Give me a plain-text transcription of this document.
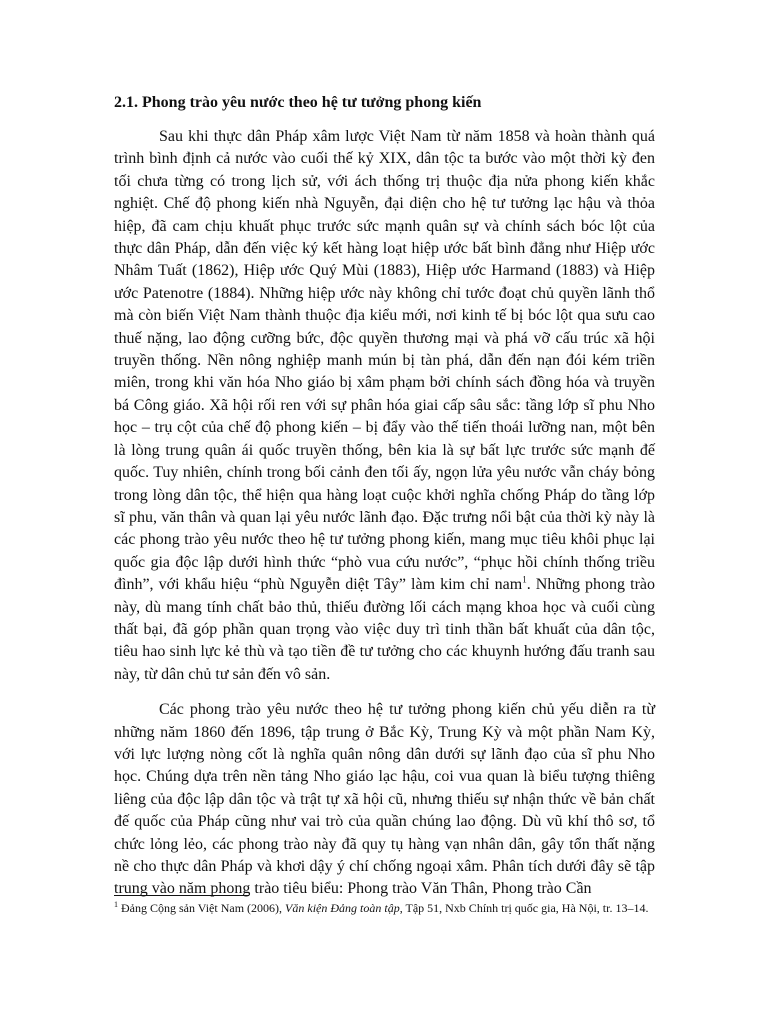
2.1. Phong trào yêu nước theo hệ tư tưởng phong kiến

Sau khi thực dân Pháp xâm lược Việt Nam từ năm 1858 và hoàn thành quá trình bình định cả nước vào cuối thế kỷ XIX, dân tộc ta bước vào một thời kỳ đen tối chưa từng có trong lịch sử, với ách thống trị thuộc địa nửa phong kiến khắc nghiệt. Chế độ phong kiến nhà Nguyễn, đại diện cho hệ tư tưởng lạc hậu và thỏa hiệp, đã cam chịu khuất phục trước sức mạnh quân sự và chính sách bóc lột của thực dân Pháp, dẫn đến việc ký kết hàng loạt hiệp ước bất bình đẳng như Hiệp ước Nhâm Tuất (1862), Hiệp ước Quý Mùi (1883), Hiệp ước Harmand (1883) và Hiệp ước Patenotre (1884). Những hiệp ước này không chỉ tước đoạt chủ quyền lãnh thổ mà còn biến Việt Nam thành thuộc địa kiểu mới, nơi kinh tế bị bóc lột qua sưu cao thuế nặng, lao động cưỡng bức, độc quyền thương mại và phá vỡ cấu trúc xã hội truyền thống. Nền nông nghiệp manh mún bị tàn phá, dẫn đến nạn đói kém triền miên, trong khi văn hóa Nho giáo bị xâm phạm bởi chính sách đồng hóa và truyền bá Công giáo. Xã hội rối ren với sự phân hóa giai cấp sâu sắc: tầng lớp sĩ phu Nho học – trụ cột của chế độ phong kiến – bị đẩy vào thế tiến thoái lưỡng nan, một bên là lòng trung quân ái quốc truyền thống, bên kia là sự bất lực trước sức mạnh đế quốc. Tuy nhiên, chính trong bối cảnh đen tối ấy, ngọn lửa yêu nước vẫn cháy bỏng trong lòng dân tộc, thể hiện qua hàng loạt cuộc khởi nghĩa chống Pháp do tầng lớp sĩ phu, văn thân và quan lại yêu nước lãnh đạo. Đặc trưng nổi bật của thời kỳ này là các phong trào yêu nước theo hệ tư tưởng phong kiến, mang mục tiêu khôi phục lại quốc gia độc lập dưới hình thức “phò vua cứu nước”, “phục hồi chính thống triều đình”, với khẩu hiệu “phù Nguyễn diệt Tây” làm kim chỉ nam$^1$. Những phong trào này, dù mang tính chất bảo thủ, thiếu đường lối cách mạng khoa học và cuối cùng thất bại, đã góp phần quan trọng vào việc duy trì tinh thần bất khuất của dân tộc, tiêu hao sinh lực kẻ thù và tạo tiền đề tư tưởng cho các khuynh hướng đấu tranh sau này, từ dân chủ tư sản đến vô sản.

Các phong trào yêu nước theo hệ tư tưởng phong kiến chủ yếu diễn ra từ những năm 1860 đến 1896, tập trung ở Bắc Kỳ, Trung Kỳ và một phần Nam Kỳ, với lực lượng nòng cốt là nghĩa quân nông dân dưới sự lãnh đạo của sĩ phu Nho học. Chúng dựa trên nền tảng Nho giáo lạc hậu, coi vua quan là biểu tượng thiêng liêng của độc lập dân tộc và trật tự xã hội cũ, nhưng thiếu sự nhận thức về bản chất đế quốc của Pháp cũng như vai trò của quần chúng lao động. Dù vũ khí thô sơ, tổ chức lỏng lẻo, các phong trào này đã quy tụ hàng vạn nhân dân, gây tổn thất nặng nề cho thực dân Pháp và khơi dậy ý chí chống ngoại xâm. Phân tích dưới đây sẽ tập trung vào năm phong trào tiêu biểu: Phong trào Văn Thân, Phong trào Cần

$^1$ Đảng Cộng sản Việt Nam (2006), Văn kiện Đảng toàn tập, Tập 51, Nxb Chính trị quốc gia, Hà Nội, tr. 13–14.
